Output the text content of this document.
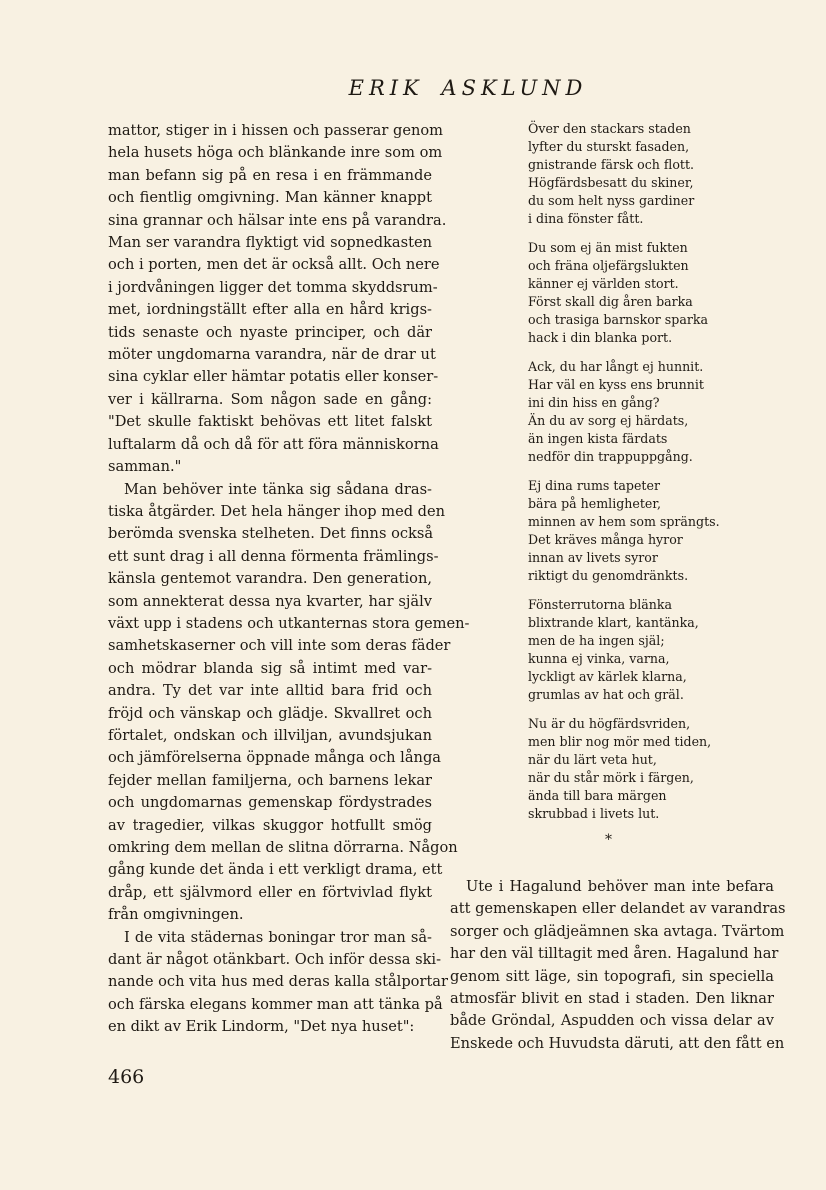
ERIK ASKLUND
mattor, stiger in i hissen och passerar genom
hela husets höga och blänkande inre som om
man befann sig på en resa i en främmande
och fientlig omgivning. Man känner knappt
sina grannar och hälsar inte ens på varandra.
Man ser varandra flyktigt vid sopnedkasten
och i porten, men det är också allt. Och nere
i jordvåningen ligger det tomma skyddsrum-
met, iordningställt efter alla en hård krigs-
tids senaste och nyaste principer, och där
möter ungdomarna varandra, när de drar ut
sina cyklar eller hämtar potatis eller konser-
ver i källrarna. Som någon sade en gång:
"Det skulle faktiskt behövas ett litet falskt
luftalarm då och då för att föra människorna
samman."
Man behöver inte tänka sig sådana dras-
tiska åtgärder. Det hela hänger ihop med den
berömda svenska stelheten. Det finns också
ett sunt drag i all denna förmenta främlings-
känsla gentemot varandra. Den generation,
som annekterat dessa nya kvarter, har själv
växt upp i stadens och utkanternas stora gemen-
samhetskaserner och vill inte som deras fäder
och mödrar blanda sig så intimt med var-
andra. Ty det var inte alltid bara frid och
fröjd och vänskap och glädje. Skvallret och
förtalet, ondskan och illviljan, avundsjukan
och jämförelserna öppnade många och långa
fejder mellan familjerna, och barnens lekar
och ungdomarnas gemenskap fördystrades
av tragedier, vilkas skuggor hotfullt smög
omkring dem mellan de slitna dörrarna. Någon
gång kunde det ända i ett verkligt drama, ett
dråp, ett självmord eller en förtvivlad flykt
från omgivningen.
I de vita städernas boningar tror man så-
dant är något otänkbart. Och inför dessa ski-
nande och vita hus med deras kalla stålportar
och färska elegans kommer man att tänka på
en dikt av Erik Lindorm, "Det nya huset":
Över den stackars staden
lyfter du sturskt fasaden,
gnistrande färsk och flott.
Högfärdsbesatt du skiner,
du som helt nyss gardiner
i dina fönster fått.
Du som ej än mist fukten
och fräna oljefärgslukten
känner ej världen stort.
Först skall dig åren barka
och trasiga barnskor sparka
hack i din blanka port.
Ack, du har långt ej hunnit.
Har väl en kyss ens brunnit
ini din hiss en gång?
Än du av sorg ej härdats,
än ingen kista färdats
nedför din trappuppgång.
Ej dina rums tapeter
bära på hemligheter,
minnen av hem som sprängts.
Det kräves många hyror
innan av livets syror
riktigt du genomdränkts.
Fönsterrutorna blänka
blixtrande klart, kantänka,
men de ha ingen själ;
kunna ej vinka, varna,
lyckligt av kärlek klarna,
grumlas av hat och gräl.
Nu är du högfärdsvriden,
men blir nog mör med tiden,
när du lärt veta hut,
när du står mörk i färgen,
ända till bara märgen
skrubbad i livets lut.
*
Ute i Hagalund behöver man inte befara
att gemenskapen eller delandet av varandras
sorger och glädjeämnen ska avtaga. Tvärtom
har den väl tilltagit med åren. Hagalund har
genom sitt läge, sin topografi, sin speciella
atmosfär blivit en stad i staden. Den liknar
både Gröndal, Aspudden och vissa delar av
Enskede och Huvudsta däruti, att den fått en
466
